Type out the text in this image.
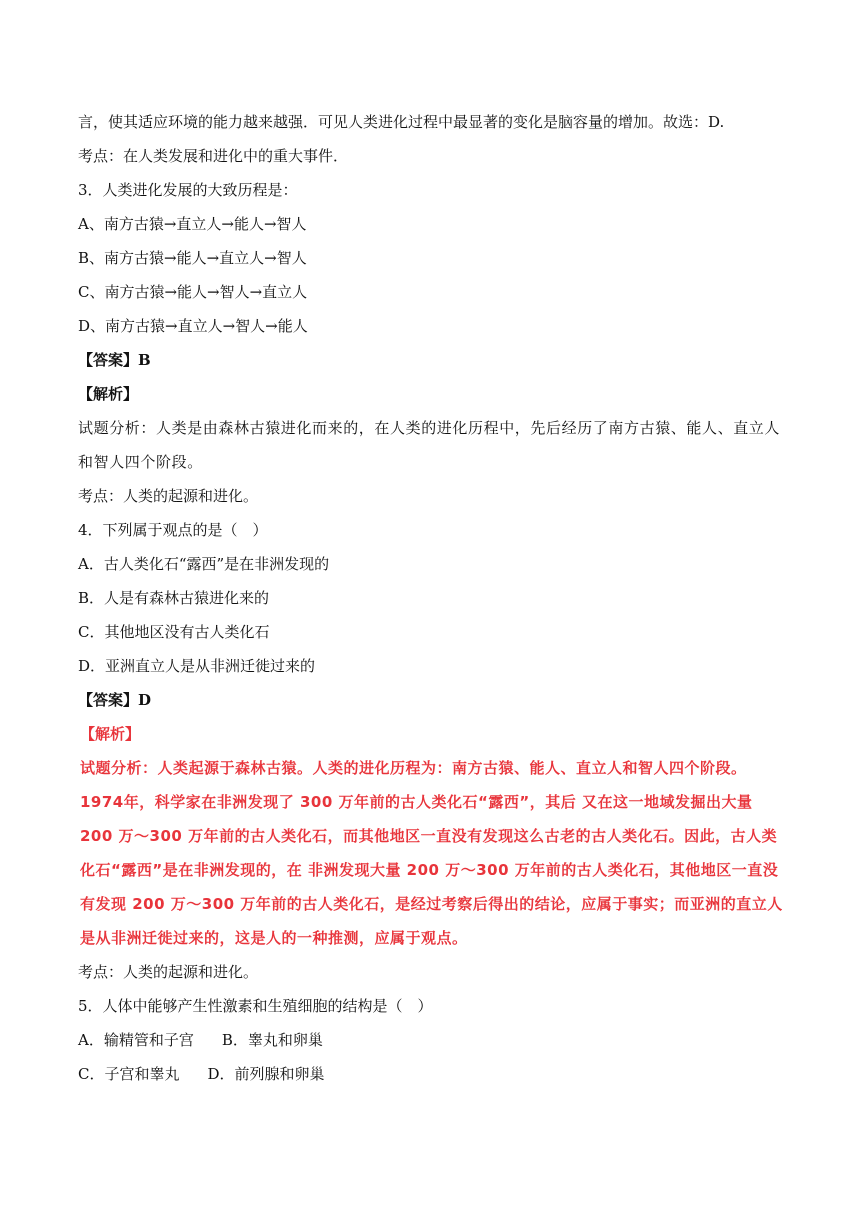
言，使其适应环境的能力越来越强．可见人类进化过程中最显著的变化是脑容量的增加。故选：D.
考点：在人类发展和进化中的重大事件．
3．人类进化发展的大致历程是：
A、南方古猿→直立人→能人→智人
B、南方古猿→能人→直立人→智人
C、南方古猿→能人→智人→直立人
D、南方古猿→直立人→智人→能人
【答案】B
【解析】
试题分析：人类是由森林古猿进化而来的，在人类的进化历程中，先后经历了南方古猿、能人、直立人和智人四个阶段。
考点：人类的起源和进化。
4．下列属于观点的是（　）
A．古人类化石“露西”是在非洲发现的
B．人是有森林古猿进化来的
C．其他地区没有古人类化石
D．亚洲直立人是从非洲迁徙过来的
【答案】D
【解析】
试题分析：人类起源于森林古猿。人类的进化历程为：南方古猿、能人、直立人和智人四个阶段。1974年，科学家在非洲发现了 300 万年前的古人类化石“露西”，其后 又在这一地域发掘出大量 200 万～300 万年前的古人类化石，而其他地区一直没有发现这么古老的古人类化石。因此，古人类化石“露西”是在非洲发现的，在 非洲发现大量 200 万～300 万年前的古人类化石，其他地区一直没有发现 200 万～300 万年前的古人类化石，是经过考察后得出的结论，应属于事实；而亚洲的直立人是从非洲迁徙过来的，这是人的一种推测，应属于观点。
考点：人类的起源和进化。
5．人体中能够产生性激素和生殖细胞的结构是（　）
A．输精管和子宫 B．睾丸和卵巢
C．子宫和睾丸 D．前列腺和卵巢
